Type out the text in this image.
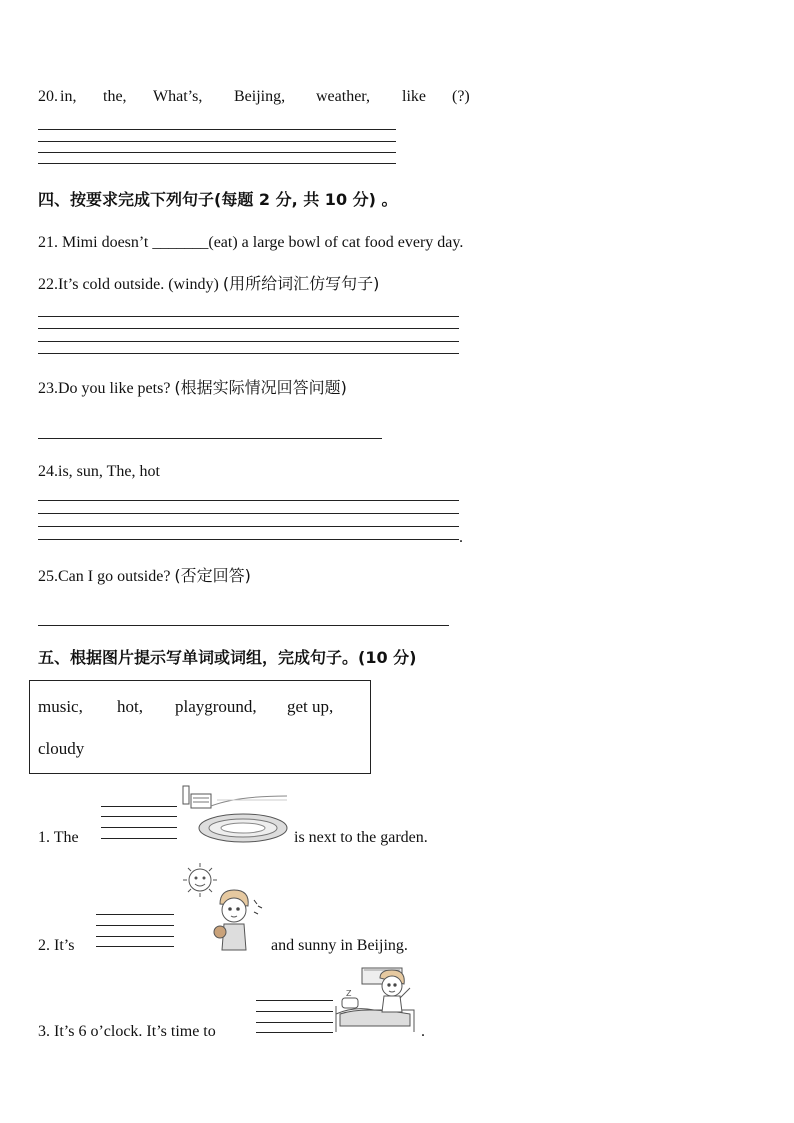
20. in, the, What’s, Beijing, weather, like (?)
四、按要求完成下列句子(每题 2 分, 共 10 分) 。
21. Mimi doesn’t _______(eat) a large bowl of cat food every day.
22.It’s cold outside. (windy) (用所给词汇仿写句子)
23.Do you like pets? (根据实际情况回答问题)
24.is, sun, The, hot
.
25.Can I go outside? (否定回答)
五、根据图片提示写单词或词组，完成句子。(10 分)
music, hot, playground, get up,
cloudy
1. The	is next to the garden.
2. It’s	and sunny in Beijing.
3. It’s 6 o’clock. It’s time to
Z
.
